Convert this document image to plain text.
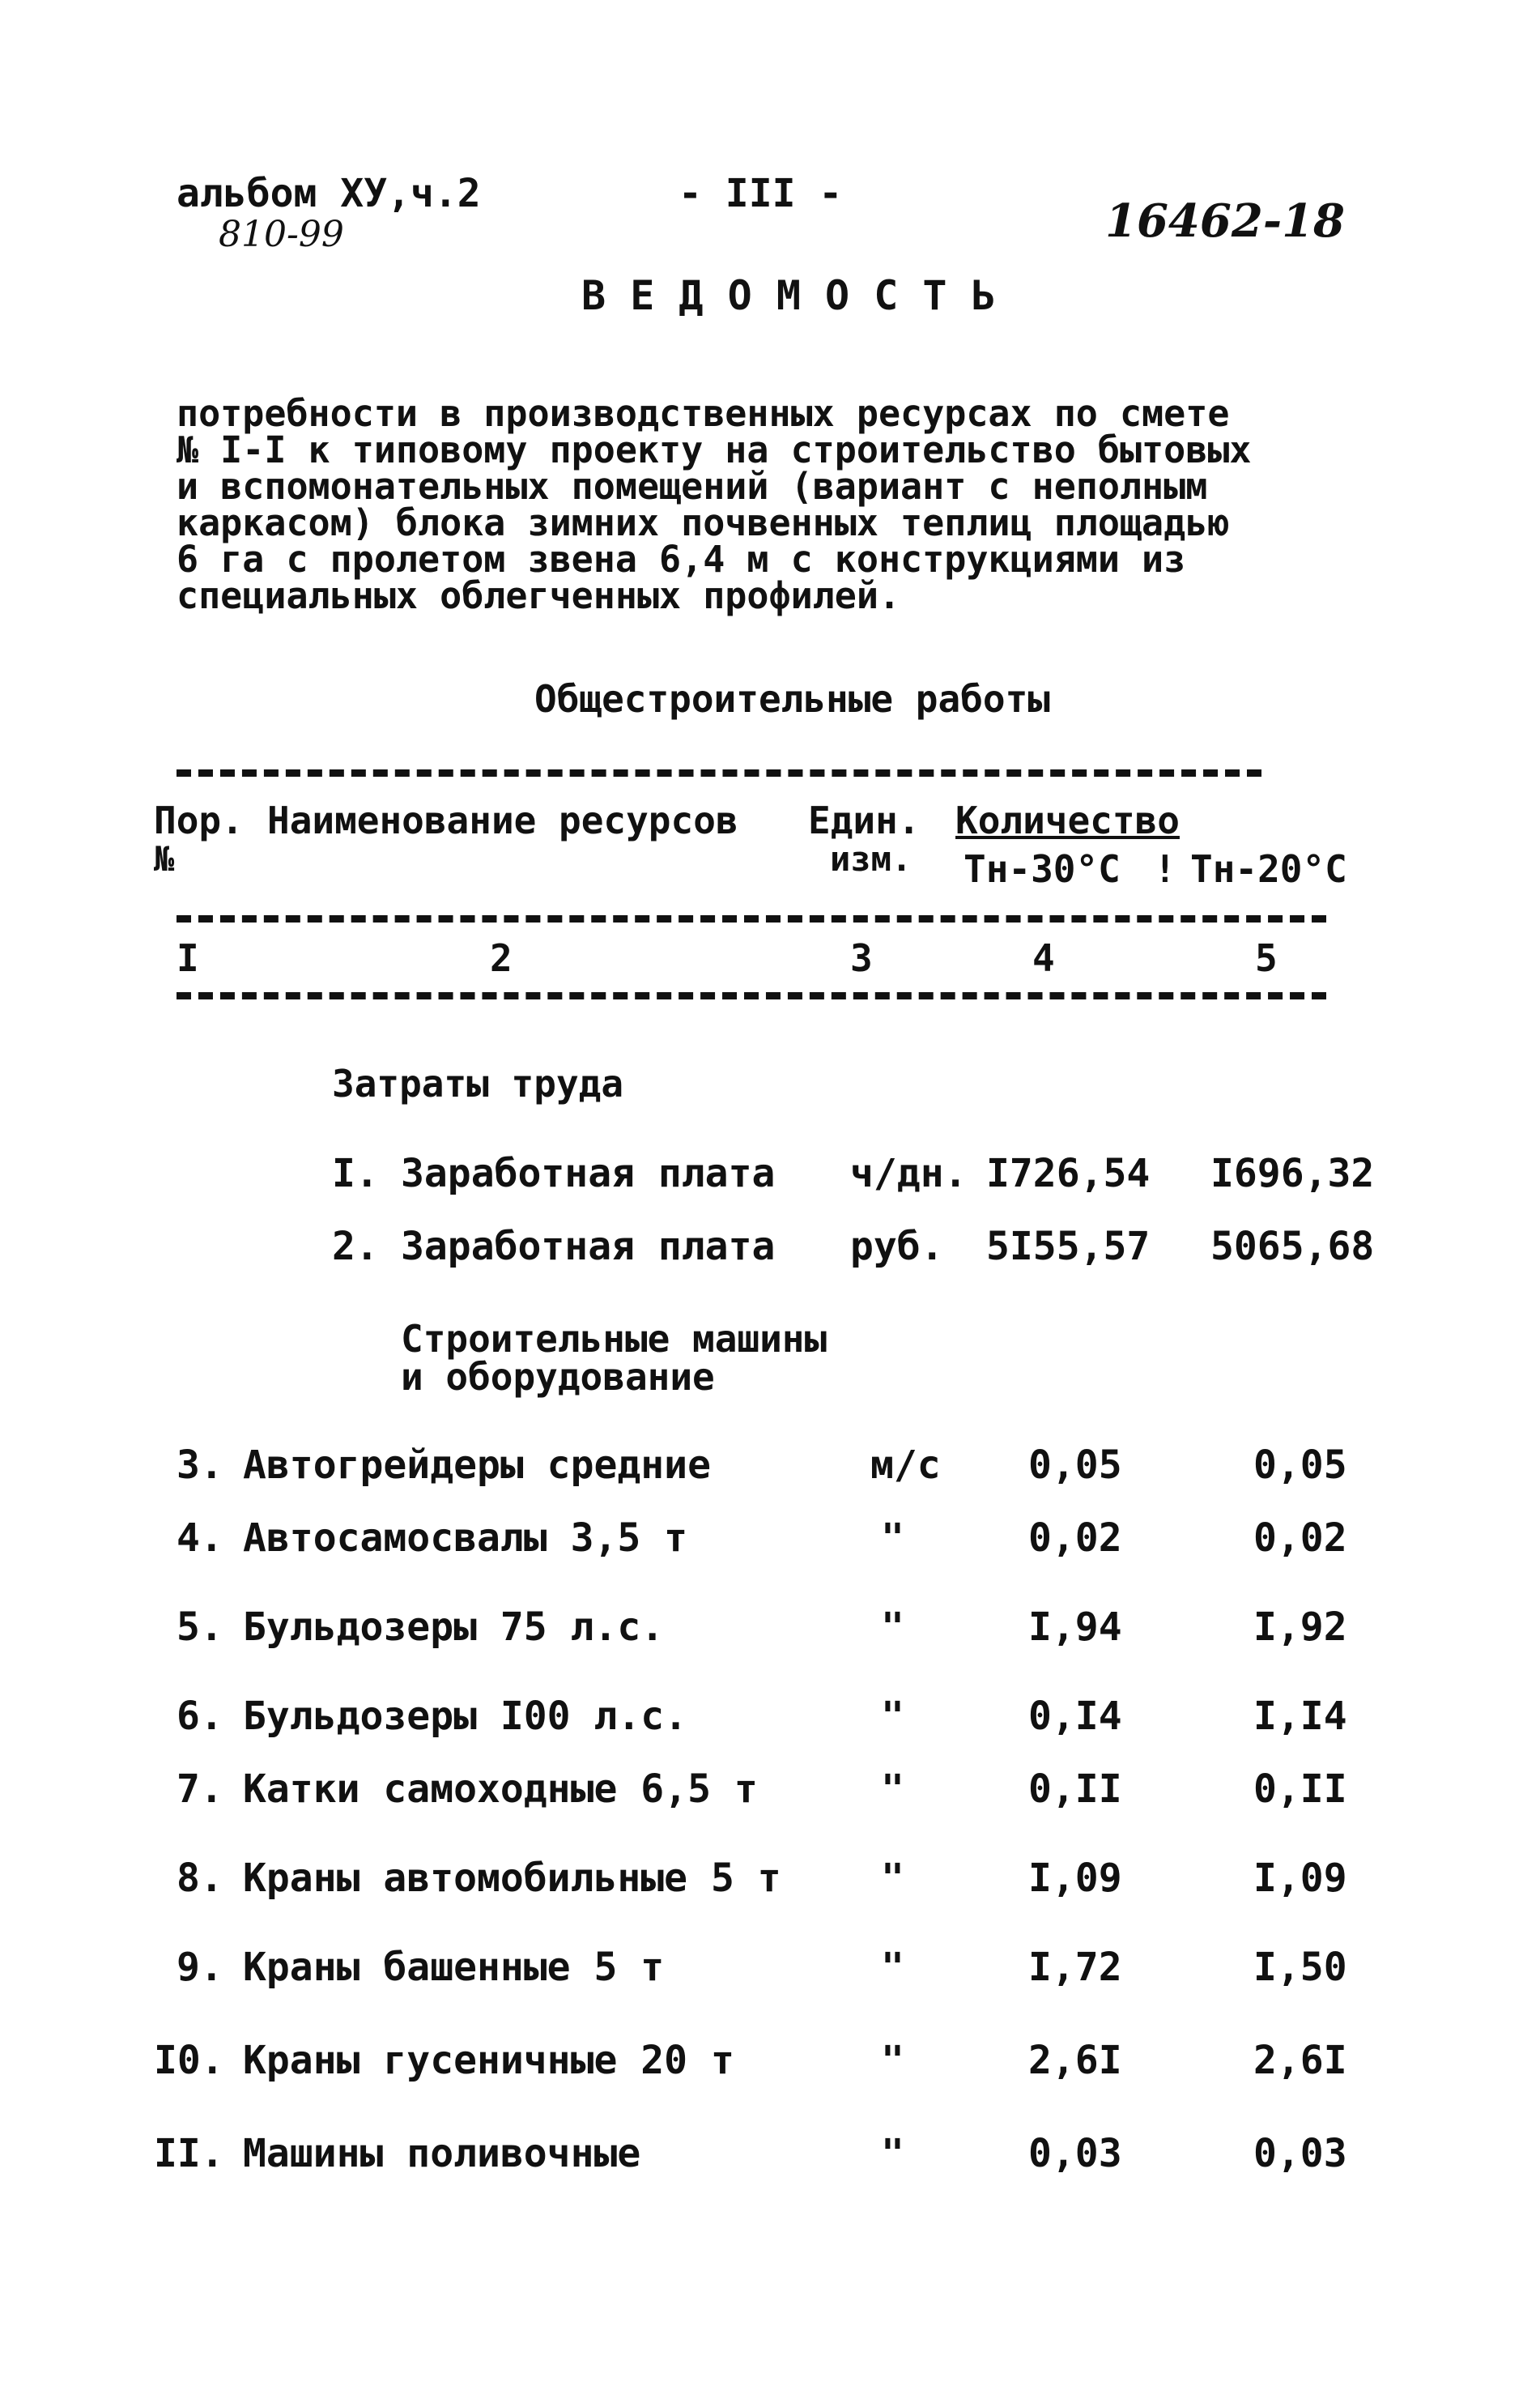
альбом XУ,ч.2
810-99
- III -
16462-18
В Е Д О М О С Т Ь
потребности в производственных ресурсах по смете
№ I-I к типовому проекту на строительство бытовых
и вспомонательных помещений (вариант с неполным
каркасом) блока зимних почвенных теплиц площадью
6 га с пролетом звена 6,4 м с конструкциями из
специальных облегченных профилей.
Общестроительные работы
Пор.
№
Наименование ресурсов Един.
изм.
Количество
Тн-30°С ! Тн-20°С
I	2	3	4	5
Затраты труда
I. Заработная плата ч/дн. I726,54 I696,32
2. Заработная плата руб. 5I55,57 5065,68
Строительные машины
и оборудование
3. Автогрейдеры средние	м/с 0,05	0,05
4. Автосамосвалы 3,5 т	"	0,02	0,02
5. Бульдозеры 75 л.с.	"	I,94	I,92
6. Бульдозеры I00 л.с.	"	0,I4	I,I4
7. Катки самоходные 6,5 т	"	0,II	0,II
8. Краны автомобильные 5 т	"	I,09	I,09
9. Краны башенные 5 т	"	I,72	I,50
I0. Краны гусеничные 20 т	"	2,6I	2,6I
II. Машины поливочные	"	0,03	0,03
